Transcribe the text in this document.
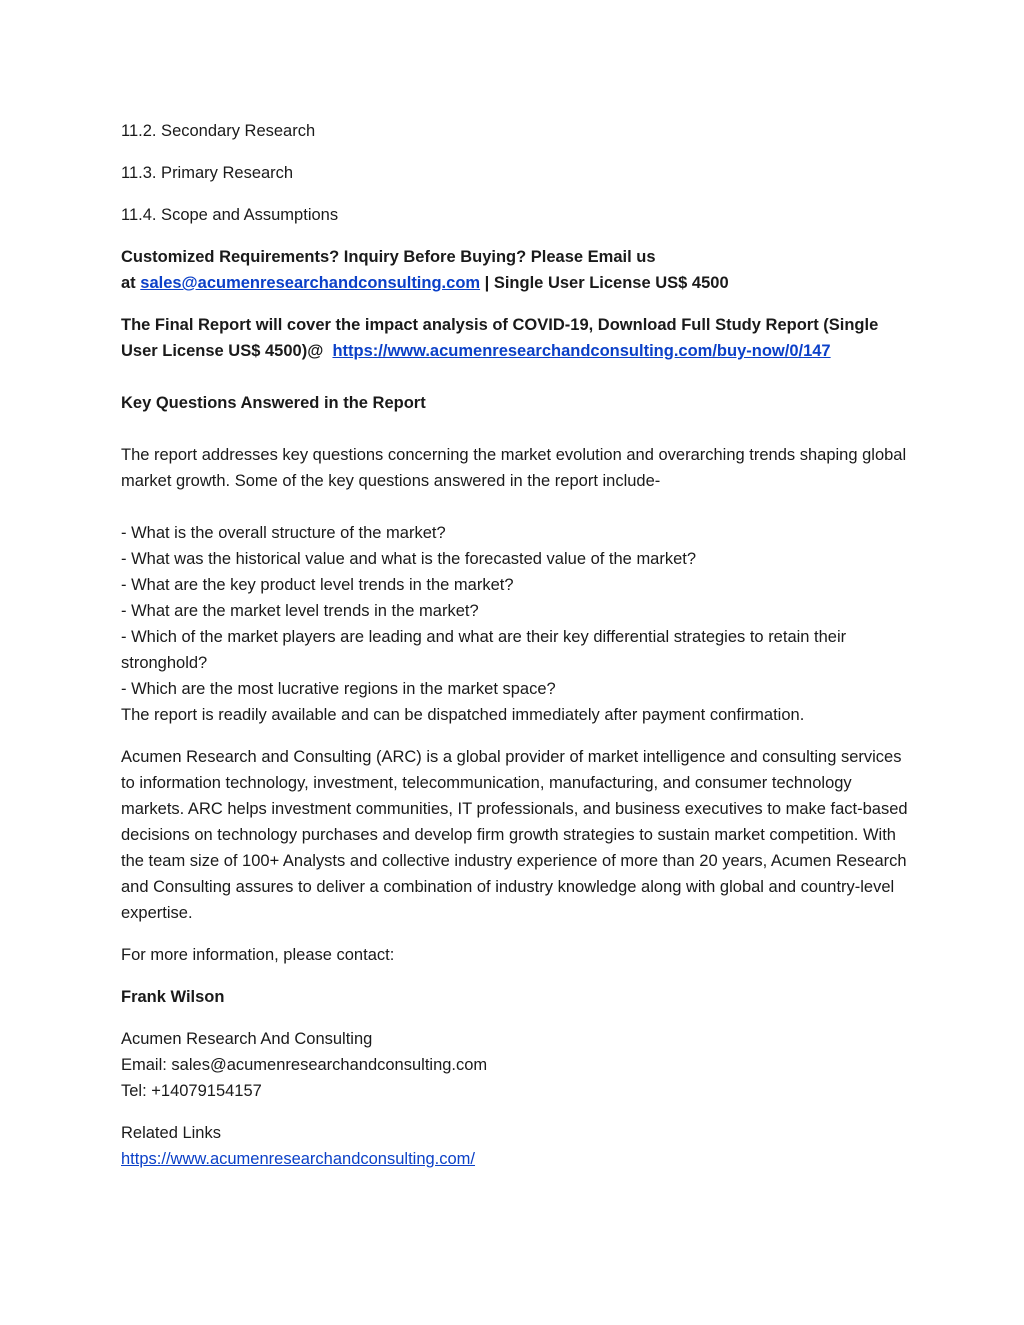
11.2. Secondary Research

11.3. Primary Research

11.4. Scope and Assumptions

Customized Requirements? Inquiry Before Buying? Please Email us
at sales@acumenresearchandconsulting.com | Single User License US$ 4500

The Final Report will cover the impact analysis of COVID-19, Download Full Study Report (Single User License US$ 4500)@  https://www.acumenresearchandconsulting.com/buy-now/0/147

Key Questions Answered in the Report

The report addresses key questions concerning the market evolution and overarching trends shaping global market growth. Some of the key questions answered in the report include-

- What is the overall structure of the market?

- What was the historical value and what is the forecasted value of the market?

- What are the key product level trends in the market?

- What are the market level trends in the market?

- Which of the market players are leading and what are their key differential strategies to retain their stronghold?

- Which are the most lucrative regions in the market space?

The report is readily available and can be dispatched immediately after payment confirmation.

Acumen Research and Consulting (ARC) is a global provider of market intelligence and consulting services to information technology, investment, telecommunication, manufacturing, and consumer technology markets. ARC helps investment communities, IT professionals, and business executives to make fact-based decisions on technology purchases and develop firm growth strategies to sustain market competition. With the team size of 100+ Analysts and collective industry experience of more than 20 years, Acumen Research and Consulting assures to deliver a combination of industry knowledge along with global and country-level expertise.

For more information, please contact:

Frank Wilson

Acumen Research And Consulting

Email: sales@acumenresearchandconsulting.com

Tel: +14079154157

Related Links

https://www.acumenresearchandconsulting.com/
